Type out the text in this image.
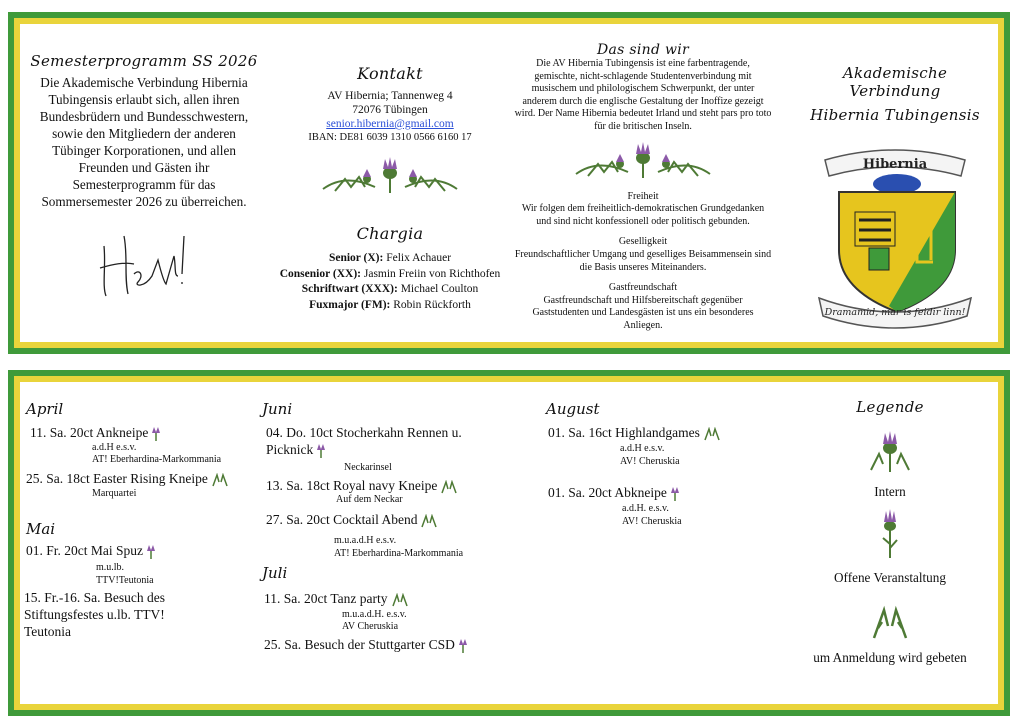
Semesterprogramm SS 2026
Die Akademische Verbindung Hibernia Tubingensis erlaubt sich, allen ihren Bundesbrüdern und Bundesschwestern, sowie den Mitgliedern der anderen Tübinger Korporationen, und allen Freunden und Gästen ihr Semesterprogramm für das Sommersemester 2026 zu überreichen.
Kontakt
AV Hibernia; Tannenweg 4
72076 Tübingen
senior.hibernia@gmail.com
IBAN: DE81 6039 1310 0566 6160 17
Chargia
Senior (X): Felix Achauer
Consenior (XX): Jasmin Freiin von Richthofen
Schriftwart (XXX): Michael Coulton
Fuxmajor (FM): Robin Rückforth
Das sind wir
Die AV Hibernia Tubingensis ist eine farbentragende, gemischte, nicht-schlagende Studentenverbindung mit musischem und philologischem Schwerpunkt, der unter anderem durch die englische Gestaltung der Inoffize gezeigt wird. Der Name Hibernia bedeutet Irland und steht pars pro toto für die britischen Inseln.
Freiheit
Wir folgen dem freiheitlich-demokratischen Grundgedanken und sind nicht konfessionell oder politisch gebunden.
Geselligkeit
Freundschaftlicher Umgang und geselliges Beisammensein sind die Basis unseres Miteinanders.
Gastfreundschaft
Gastfreundschaft und Hilfsbereitschaft gegenüber Gaststudenten und Landesgästen ist uns ein besonderes Anliegen.
Akademische Verbindung
Hibernia Tubingensis
Hibernia
Dramamid, mar is feidir linn!
April
11. Sa. 20ct Ankneipe
a.d.H e.s.v.
AT! Eberhardina-Markommania
25. Sa. 18ct Easter Rising Kneipe
Marquartei
Mai
01. Fr. 20ct Mai Spuz
m.u.lb.
TTV!Teutonia
15. Fr.-16. Sa. Besuch des Stiftungsfestes u.lb. TTV! Teutonia
Juni
04. Do. 10ct Stocherkahn Rennen u. Picknick
Neckarinsel
13. Sa. 18ct Royal navy Kneipe
Auf dem Neckar
27. Sa. 20ct Cocktail Abend
m.u.a.d.H e.s.v.
AT! Eberhardina-Markommania
Juli
11. Sa. 20ct Tanz party
m.u.a.d.H. e.s.v.
AV Cheruskia
25. Sa. Besuch der Stuttgarter CSD
August
01. Sa. 16ct Highlandgames
a.d.H e.s.v.
AV! Cheruskia
01. Sa. 20ct Abkneipe
a.d.H. e.s.v.
AV! Cheruskia
Legende
Intern
Offene Veranstaltung
um Anmeldung wird gebeten
